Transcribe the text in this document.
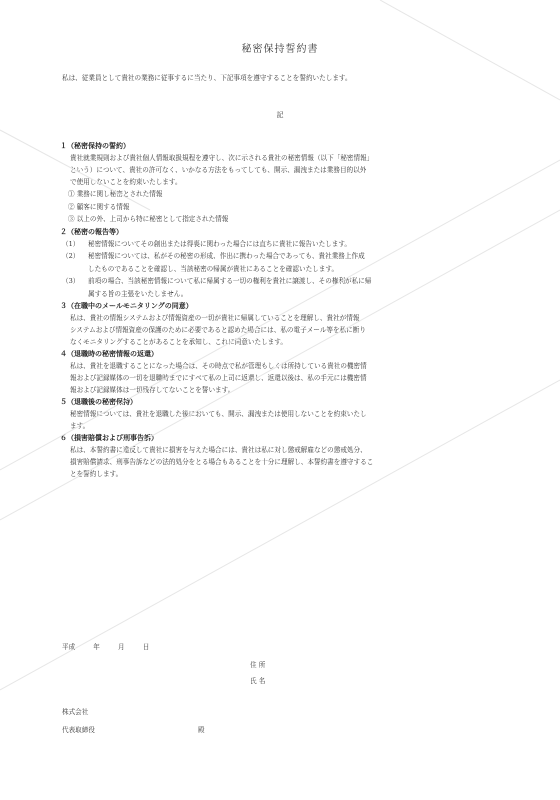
秘密保持誓約書
私は、従業員として貴社の業務に従事するに当たり、下記事項を遵守することを誓約いたします。
記
１（秘密保持の誓約）
貴社就業規則および貴社個人情報取扱規程を遵守し、次に示される貴社の秘密情報（以下「秘密情報」
という）について、貴社の許可なく、いかなる方法をもってしても、開示、漏洩または業務目的以外
で使用しないことを約束いたします。
① 業務に関し秘密とされた情報
② 顧客に関する情報
③ 以上の外、上司から特に秘密として指定された情報
２（秘密の報告等）
（1）	秘密情報についてその創出または得喪に関わった場合には直ちに貴社に報告いたします。
（2）	秘密情報については、私がその秘密の形成、作出に携わった場合であっても、貴社業務上作成
したものであることを確認し、当該秘密の帰属が貴社にあることを確認いたします。
（3）	前項の場合、当該秘密情報について私に帰属する一切の権利を貴社に譲渡し、その権利が私に帰
属する旨の主張をいたしません。
３（在職中のメールモニタリングの同意）
私は、貴社の情報システムおよび情報資産の一切が貴社に帰属していることを理解し、貴社が情報
システムおよび情報資産の保護のために必要であると認めた場合には、私の電子メール等を私に断り
なくモニタリングすることがあることを承知し、これに同意いたします。
４（退職時の秘密情報の返還）
私は、貴社を退職することになった場合は、その時点で私が管理もしくは所持している貴社の機密情
報および記録媒体の一切を退職時までにすべて私の上司に返還し、返還以後は、私の手元には機密情
報および記録媒体は一切残存してないことを誓います。
５（退職後の秘密保持）
秘密情報については、貴社を退職した後においても、開示、漏洩または使用しないことを約束いたし
ます。
６（損害賠償および刑事告訴）
私は、本誓約書に違反して貴社に損害を与えた場合には、貴社は私に対し懲戒解雇などの懲戒処分、
損害賠償請求、刑事告訴などの法的処分をとる場合もあることを十分に理解し、本誓約書を遵守するこ
とを誓約します。
平成	年	月	日
住 所
氏 名
株式会社
代表取締役	殿
